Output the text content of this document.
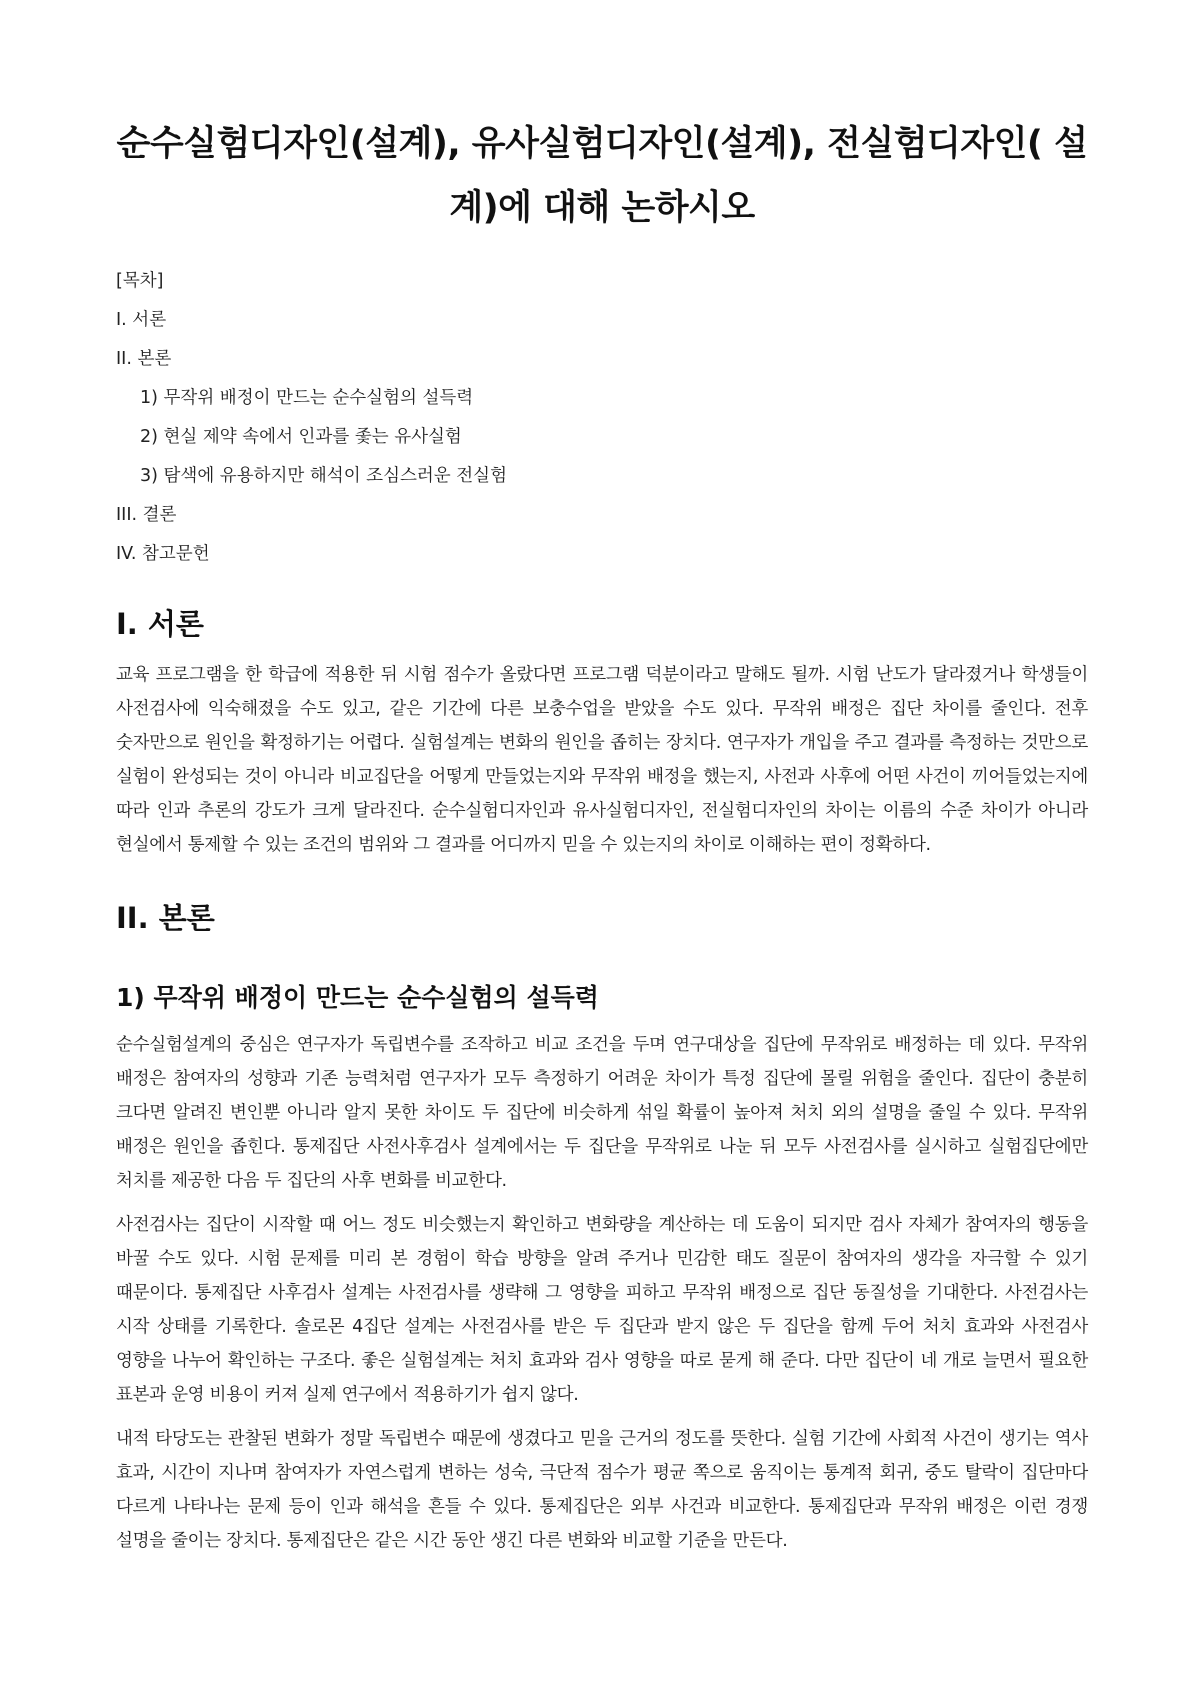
순수실험디자인(설계), 유사실험디자인(설계), 전실험디자인( 설계)에 대해 논하시오

[목차]

I. 서론

II. 본론

1) 무작위 배정이 만드는 순수실험의 설득력

2) 현실 제약 속에서 인과를 좇는 유사실험

3) 탐색에 유용하지만 해석이 조심스러운 전실험

III. 결론

IV. 참고문헌

I. 서론

교육 프로그램을 한 학급에 적용한 뒤 시험 점수가 올랐다면 프로그램 덕분이라고 말해도 될까. 시험 난도가 달라졌거나 학생들이 사전검사에 익숙해졌을 수도 있고, 같은 기간에 다른 보충수업을 받았을 수도 있다. 무작위 배정은 집단 차이를 줄인다. 전후 숫자만으로 원인을 확정하기는 어렵다. 실험설계는 변화의 원인을 좁히는 장치다. 연구자가 개입을 주고 결과를 측정하는 것만으로 실험이 완성되는 것이 아니라 비교집단을 어떻게 만들었는지와 무작위 배정을 했는지, 사전과 사후에 어떤 사건이 끼어들었는지에 따라 인과 추론의 강도가 크게 달라진다. 순수실험디자인과 유사실험디자인, 전실험디자인의 차이는 이름의 수준 차이가 아니라 현실에서 통제할 수 있는 조건의 범위와 그 결과를 어디까지 믿을 수 있는지의 차이로 이해하는 편이 정확하다.

II. 본론
1) 무작위 배정이 만드는 순수실험의 설득력

순수실험설계의 중심은 연구자가 독립변수를 조작하고 비교 조건을 두며 연구대상을 집단에 무작위로 배정하는 데 있다. 무작위 배정은 참여자의 성향과 기존 능력처럼 연구자가 모두 측정하기 어려운 차이가 특정 집단에 몰릴 위험을 줄인다. 집단이 충분히 크다면 알려진 변인뿐 아니라 알지 못한 차이도 두 집단에 비슷하게 섞일 확률이 높아져 처치 외의 설명을 줄일 수 있다. 무작위 배정은 원인을 좁힌다. 통제집단 사전사후검사 설계에서는 두 집단을 무작위로 나눈 뒤 모두 사전검사를 실시하고 실험집단에만 처치를 제공한 다음 두 집단의 사후 변화를 비교한다.

사전검사는 집단이 시작할 때 어느 정도 비슷했는지 확인하고 변화량을 계산하는 데 도움이 되지만 검사 자체가 참여자의 행동을 바꿀 수도 있다. 시험 문제를 미리 본 경험이 학습 방향을 알려 주거나 민감한 태도 질문이 참여자의 생각을 자극할 수 있기 때문이다. 통제집단 사후검사 설계는 사전검사를 생략해 그 영향을 피하고 무작위 배정으로 집단 동질성을 기대한다. 사전검사는 시작 상태를 기록한다. 솔로몬 4집단 설계는 사전검사를 받은 두 집단과 받지 않은 두 집단을 함께 두어 처치 효과와 사전검사 영향을 나누어 확인하는 구조다. 좋은 실험설계는 처치 효과와 검사 영향을 따로 묻게 해 준다. 다만 집단이 네 개로 늘면서 필요한 표본과 운영 비용이 커져 실제 연구에서 적용하기가 쉽지 않다.

내적 타당도는 관찰된 변화가 정말 독립변수 때문에 생겼다고 믿을 근거의 정도를 뜻한다. 실험 기간에 사회적 사건이 생기는 역사 효과, 시간이 지나며 참여자가 자연스럽게 변하는 성숙, 극단적 점수가 평균 쪽으로 움직이는 통계적 회귀, 중도 탈락이 집단마다 다르게 나타나는 문제 등이 인과 해석을 흔들 수 있다. 통제집단은 외부 사건과 비교한다. 통제집단과 무작위 배정은 이런 경쟁 설명을 줄이는 장치다. 통제집단은 같은 시간 동안 생긴 다른 변화와 비교할 기준을 만든다.
